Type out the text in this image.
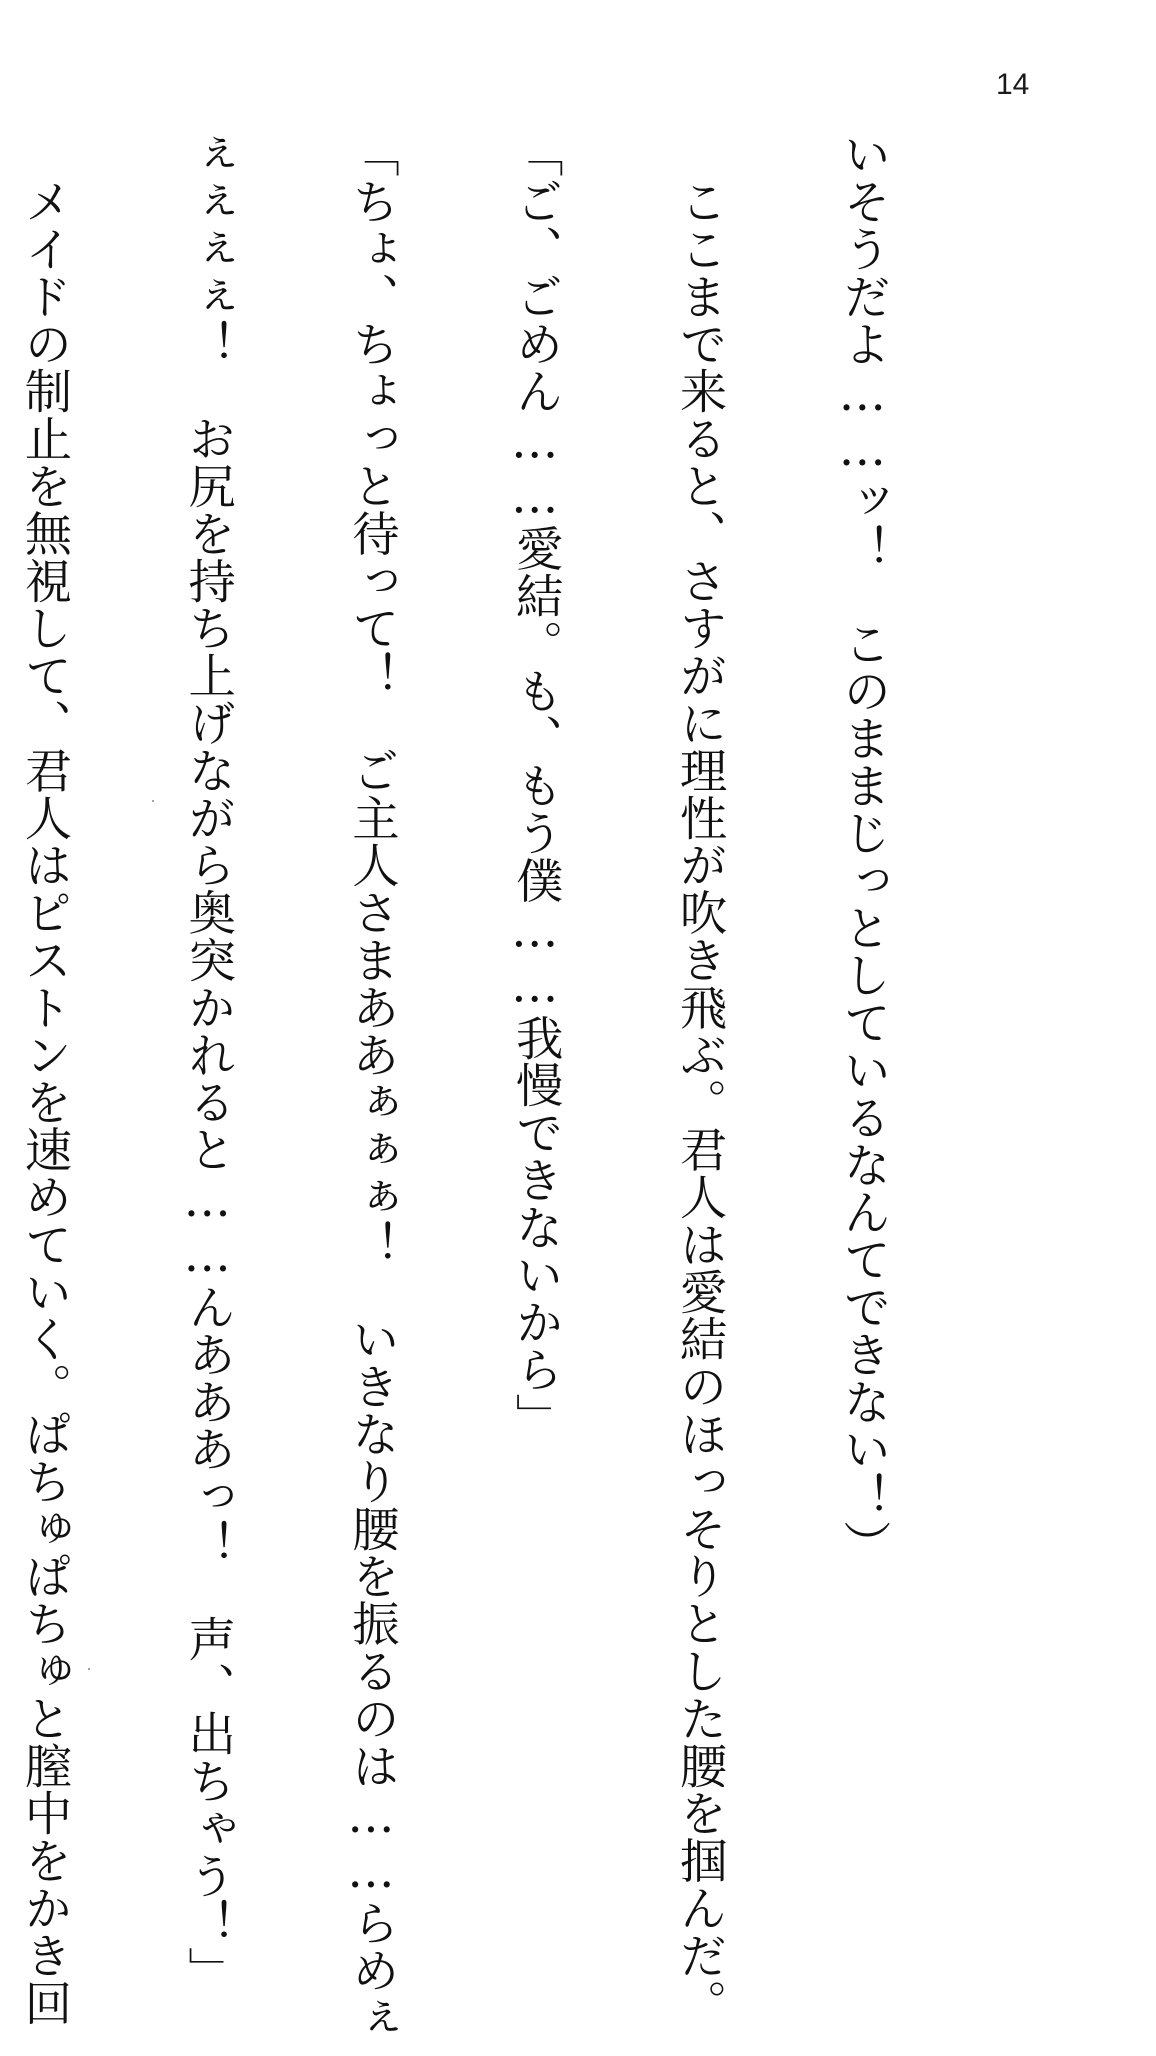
14

いそうだよ……ッ！　このままじっとしているなんてできない！）

　ここまで来ると、さすがに理性が吹き飛ぶ。君人は愛結のほっそりとした腰を掴んだ。

「ご、ごめん……愛結。も、もう僕……我慢できないから」

「ちょ、ちょっと待って！　ご主人さまああぁぁぁ！　いきなり腰を振るのは……らめぇ

ぇぇぇぇ！　お尻を持ち上げながら奥突かれると……んあああっ！　声、出ちゃう！」

　メイドの制止を無視して、君人はピストンを速めていく。ぱちゅぱちゅと膣中をかき回
